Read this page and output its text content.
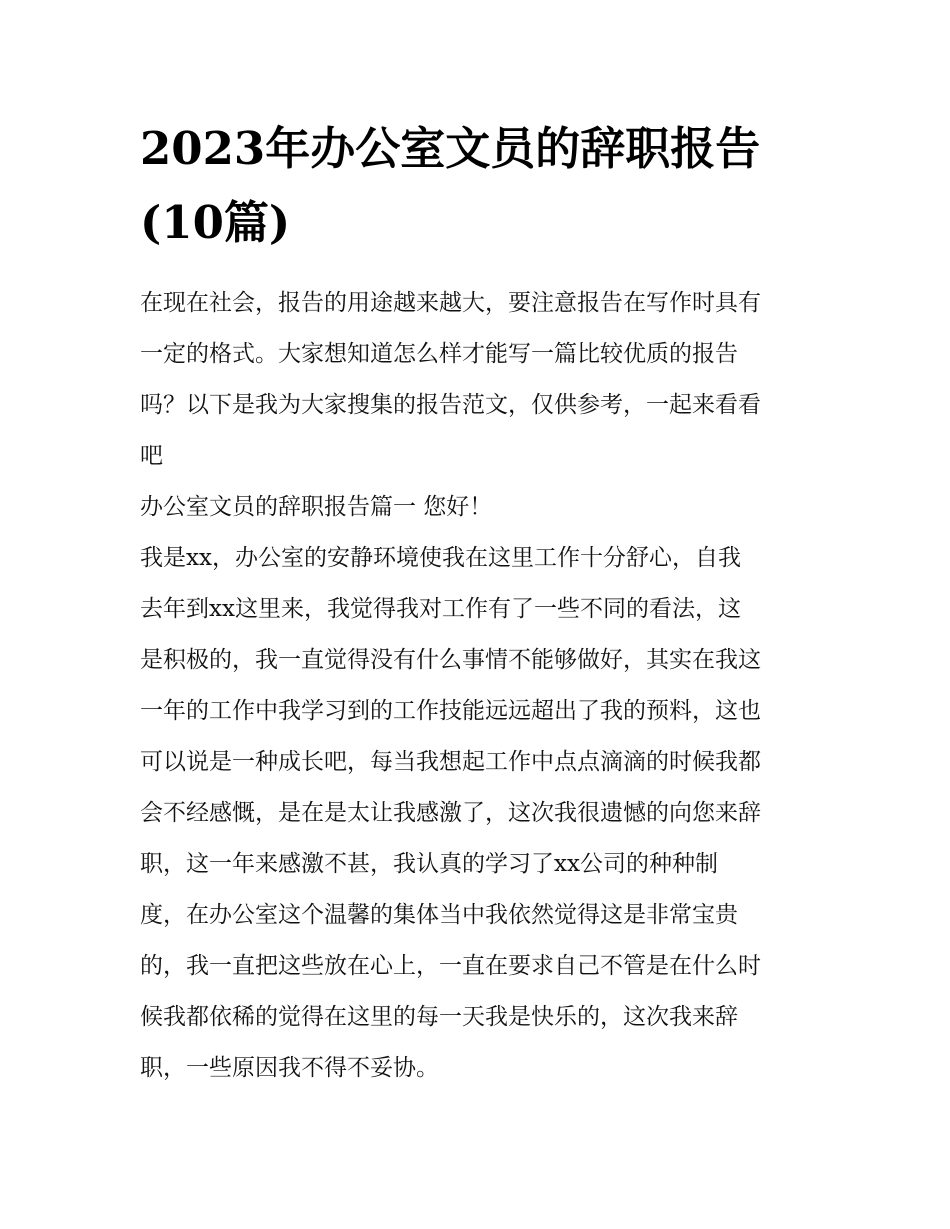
2023年办公室文员的辞职报告(10篇)
在现在社会，报告的用途越来越大，要注意报告在写作时具有
一定的格式。大家想知道怎么样才能写一篇比较优质的报告
吗？以下是我为大家搜集的报告范文，仅供参考，一起来看看
吧
办公室文员的辞职报告篇一 您好！
我是xx，办公室的安静环境使我在这里工作十分舒心，自我
去年到xx这里来，我觉得我对工作有了一些不同的看法，这
是积极的，我一直觉得没有什么事情不能够做好，其实在我这
一年的工作中我学习到的工作技能远远超出了我的预料，这也
可以说是一种成长吧，每当我想起工作中点点滴滴的时候我都
会不经感慨，是在是太让我感激了，这次我很遗憾的向您来辞
职，这一年来感激不甚，我认真的学习了xx公司的种种制
度，在办公室这个温馨的集体当中我依然觉得这是非常宝贵
的，我一直把这些放在心上，一直在要求自己不管是在什么时
候我都依稀的觉得在这里的每一天我是快乐的，这次我来辞
职，一些原因我不得不妥协。
